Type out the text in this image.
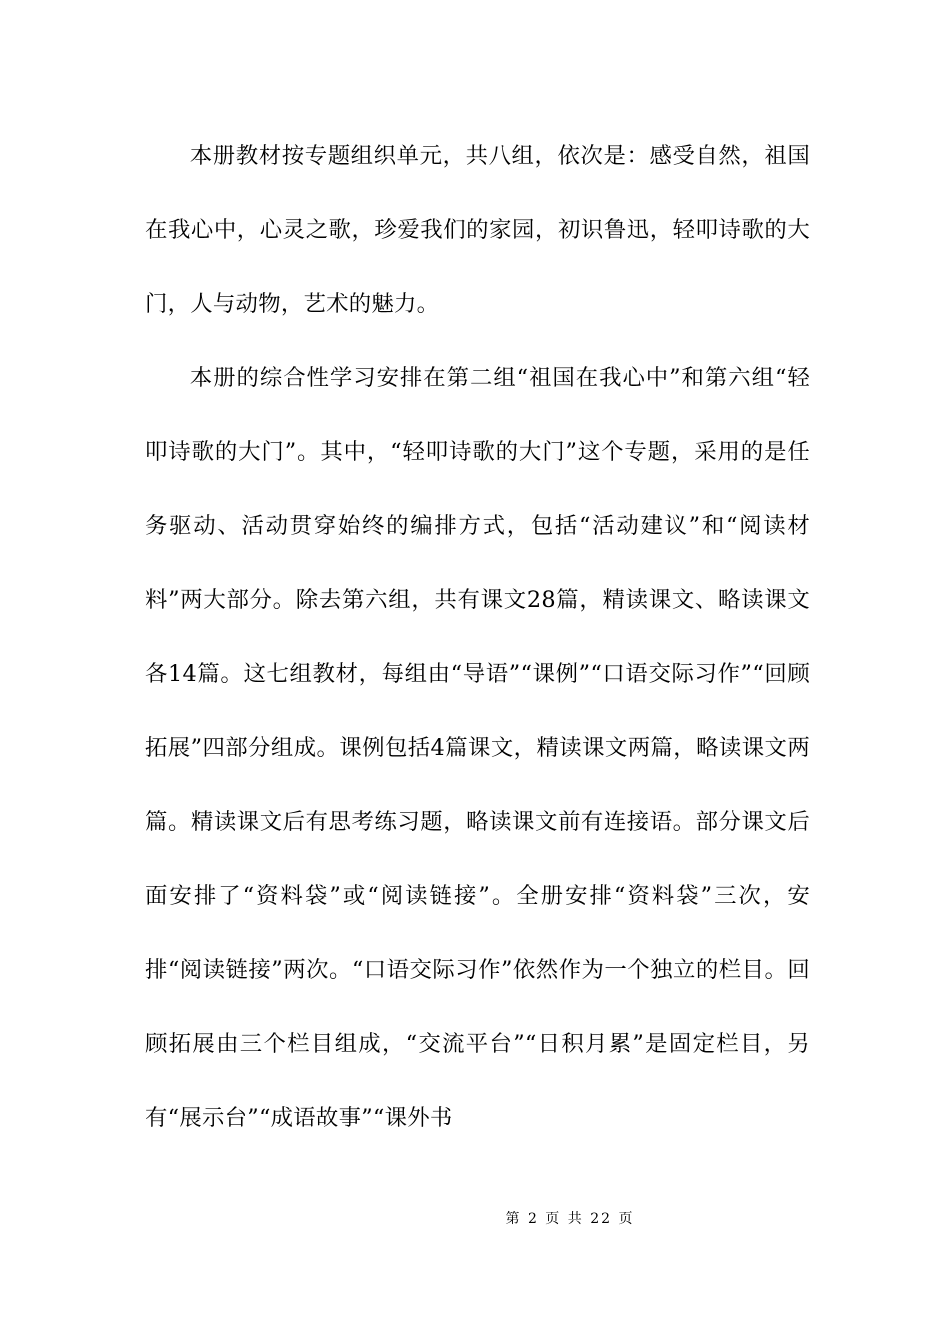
本册教材按专题组织单元，共八组，依次是：感受自然，祖国在我心中，心灵之歌，珍爱我们的家园，初识鲁迅，轻叩诗歌的大门，人与动物，艺术的魅力。

本册的综合性学习安排在第二组“祖国在我心中”和第六组“轻叩诗歌的大门”。其中，“轻叩诗歌的大门”这个专题，采用的是任务驱动、活动贯穿始终的编排方式，包括“活动建议”和“阅读材料”两大部分。除去第六组，共有课文28篇，精读课文、略读课文各14篇。这七组教材，每组由“导语”“课例”“口语交际习作”“回顾拓展”四部分组成。课例包括4篇课文，精读课文两篇，略读课文两篇。精读课文后有思考练习题，略读课文前有连接语。部分课文后面安排了“资料袋”或“阅读链接”。全册安排“资料袋”三次，安排“阅读链接”两次。“口语交际习作”依然作为一个独立的栏目。回顾拓展由三个栏目组成，“交流平台”“日积月累”是固定栏目，另有“展示台”“成语故事”“课外书

第 2 页 共 22 页
